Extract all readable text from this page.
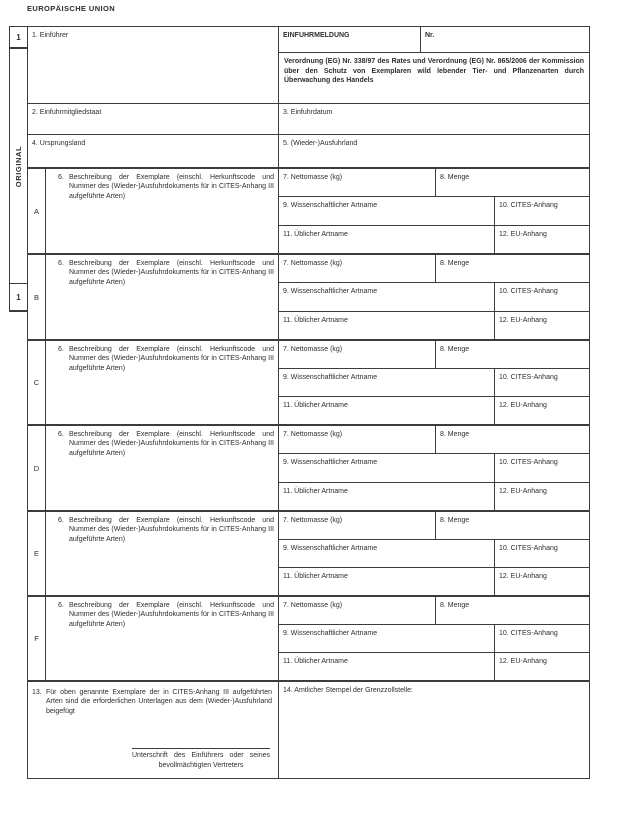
EUROPÄISCHE UNION
1
ORIGINAL
1
1. Einführer	EINFUHRMELDUNG	Nr.

Verordnung (EG) Nr. 338/97 des Rates und Verordnung (EG) Nr. 865/2006 der Kommission über den Schutz von Exemplaren wild lebender Tier- und Pflanzenarten durch Überwachung des Handels

2. Einfuhrmitgliedstaat	3. Einfuhrdatum
4. Ursprungsland	5. (Wieder-)Ausfuhrland
A
6. Beschreibung der Exemplare (einschl. Herkunftscode und Nummer des (Wieder-)Ausfuhrdokuments für in CITES-Anhang III aufgeführte Arten)
7. Nettomasse (kg)	8. Menge
9. Wissenschaftlicher Artname	10. CITES-Anhang
11. Üblicher Artname	12. EU-Anhang
B
6. Beschreibung der Exemplare (einschl. Herkunftscode und Nummer des (Wieder-)Ausfuhrdokuments für in CITES-Anhang III aufgeführte Arten)
7. Nettomasse (kg)	8. Menge
9. Wissenschaftlicher Artname	10. CITES-Anhang
11. Üblicher Artname	12. EU-Anhang
C
6. Beschreibung der Exemplare (einschl. Herkunftscode und Nummer des (Wieder-)Ausfuhrdokuments für in CITES-Anhang III aufgeführte Arten)
7. Nettomasse (kg)	8. Menge
9. Wissenschaftlicher Artname	10. CITES-Anhang
11. Üblicher Artname	12. EU-Anhang
D
6. Beschreibung der Exemplare (einschl. Herkunftscode und Nummer des (Wieder-)Ausfuhrdokuments für in CITES-Anhang III aufgeführte Arten)
7. Nettomasse (kg)	8. Menge
9. Wissenschaftlicher Artname	10. CITES-Anhang
11. Üblicher Artname	12. EU-Anhang
E
6. Beschreibung der Exemplare (einschl. Herkunftscode und Nummer des (Wieder-)Ausfuhrdokuments für in CITES-Anhang III aufgeführte Arten)
7. Nettomasse (kg)	8. Menge
9. Wissenschaftlicher Artname	10. CITES-Anhang
11. Üblicher Artname	12. EU-Anhang
F
6. Beschreibung der Exemplare (einschl. Herkunftscode und Nummer des (Wieder-)Ausfuhrdokuments für in CITES-Anhang III aufgeführte Arten)
7. Nettomasse (kg)	8. Menge
9. Wissenschaftlicher Artname	10. CITES-Anhang
11. Üblicher Artname	12. EU-Anhang
13. Für oben genannte Exemplare der in CITES-Anhang III aufgeführten Arten sind die erforderlichen Unterlagen aus dem (Wieder-)Ausfuhrland beigefügt
Unterschrift des Einführers oder seines bevollmächtigten Vertreters
14. Amtlicher Stempel der Grenzzollstelle:
